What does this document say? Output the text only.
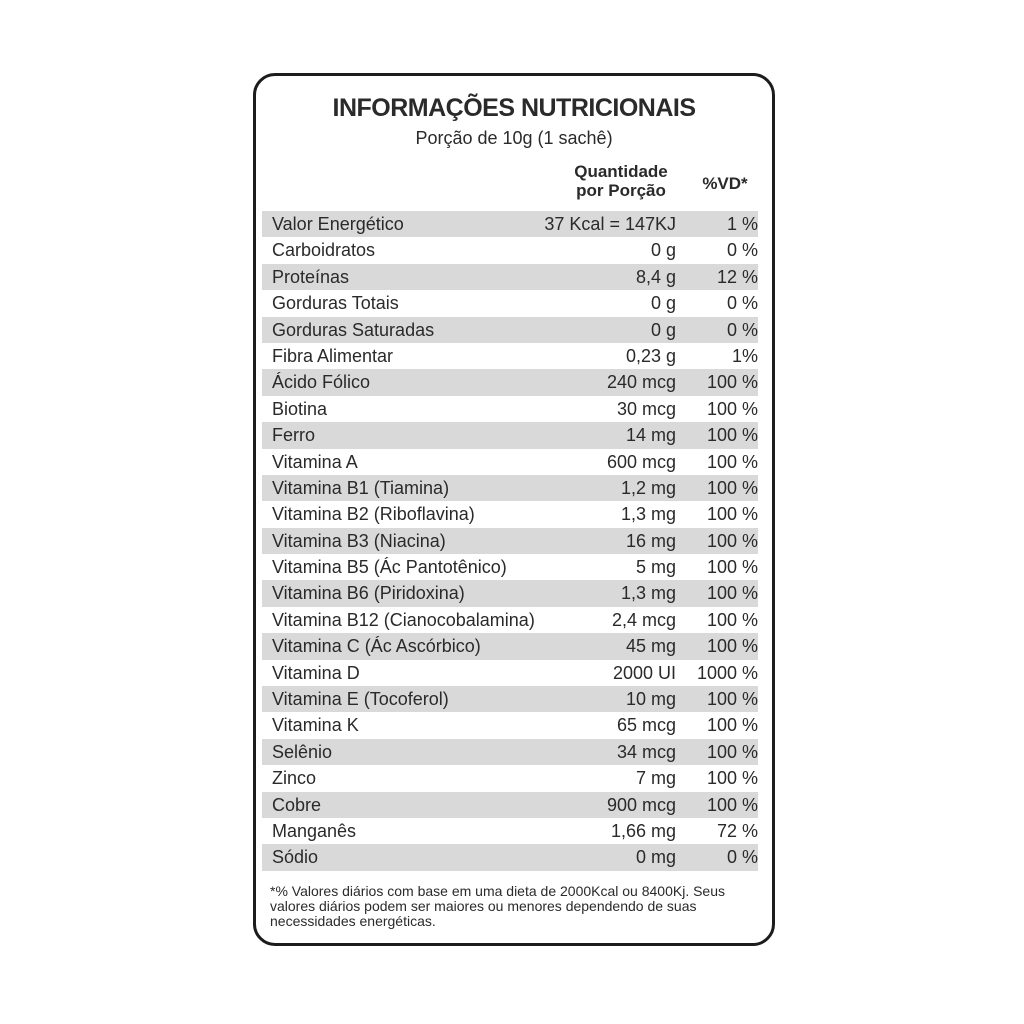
INFORMAÇÕES NUTRICIONAIS
Porção de 10g (1 sachê)
Quantidade
por Porção	%VD*
Valor Energético	37 Kcal = 147KJ	1 %
Carboidratos	0 g	0 %
Proteínas	8,4 g 12 %
Gorduras Totais	0 g	0 %
Gorduras Saturadas	0 g	0 %
Fibra Alimentar	0,23 g	1%
Ácido Fólico	240 mcg 100 %
Biotina	30 mcg 100 %
Ferro	14 mg 100 %
Vitamina A	600 mcg 100 %
Vitamina B1 (Tiamina)	1,2 mg 100 %
Vitamina B2 (Riboflavina)	1,3 mg 100 %
Vitamina B3 (Niacina)	16 mg 100 %
Vitamina B5 (Ác Pantotênico)	5 mg 100 %
Vitamina B6 (Piridoxina)	1,3 mg 100 %
Vitamina B12 (Cianocobalamina)	2,4 mcg 100 %
Vitamina C (Ác Ascórbico)	45 mg 100 %
Vitamina D	2000 UI 1000 %
Vitamina E (Tocoferol)	10 mg 100 %
Vitamina K	65 mcg 100 %
Selênio	34 mcg 100 %
Zinco	7 mg 100 %
Cobre	900 mcg 100 %
Manganês	1,66 mg 72 %
Sódio	0 mg	0 %
*% Valores diários com base em uma dieta de 2000Kcal ou 8400Kj. Seus valores diários podem ser maiores ou menores dependendo de suas necessidades energéticas.
